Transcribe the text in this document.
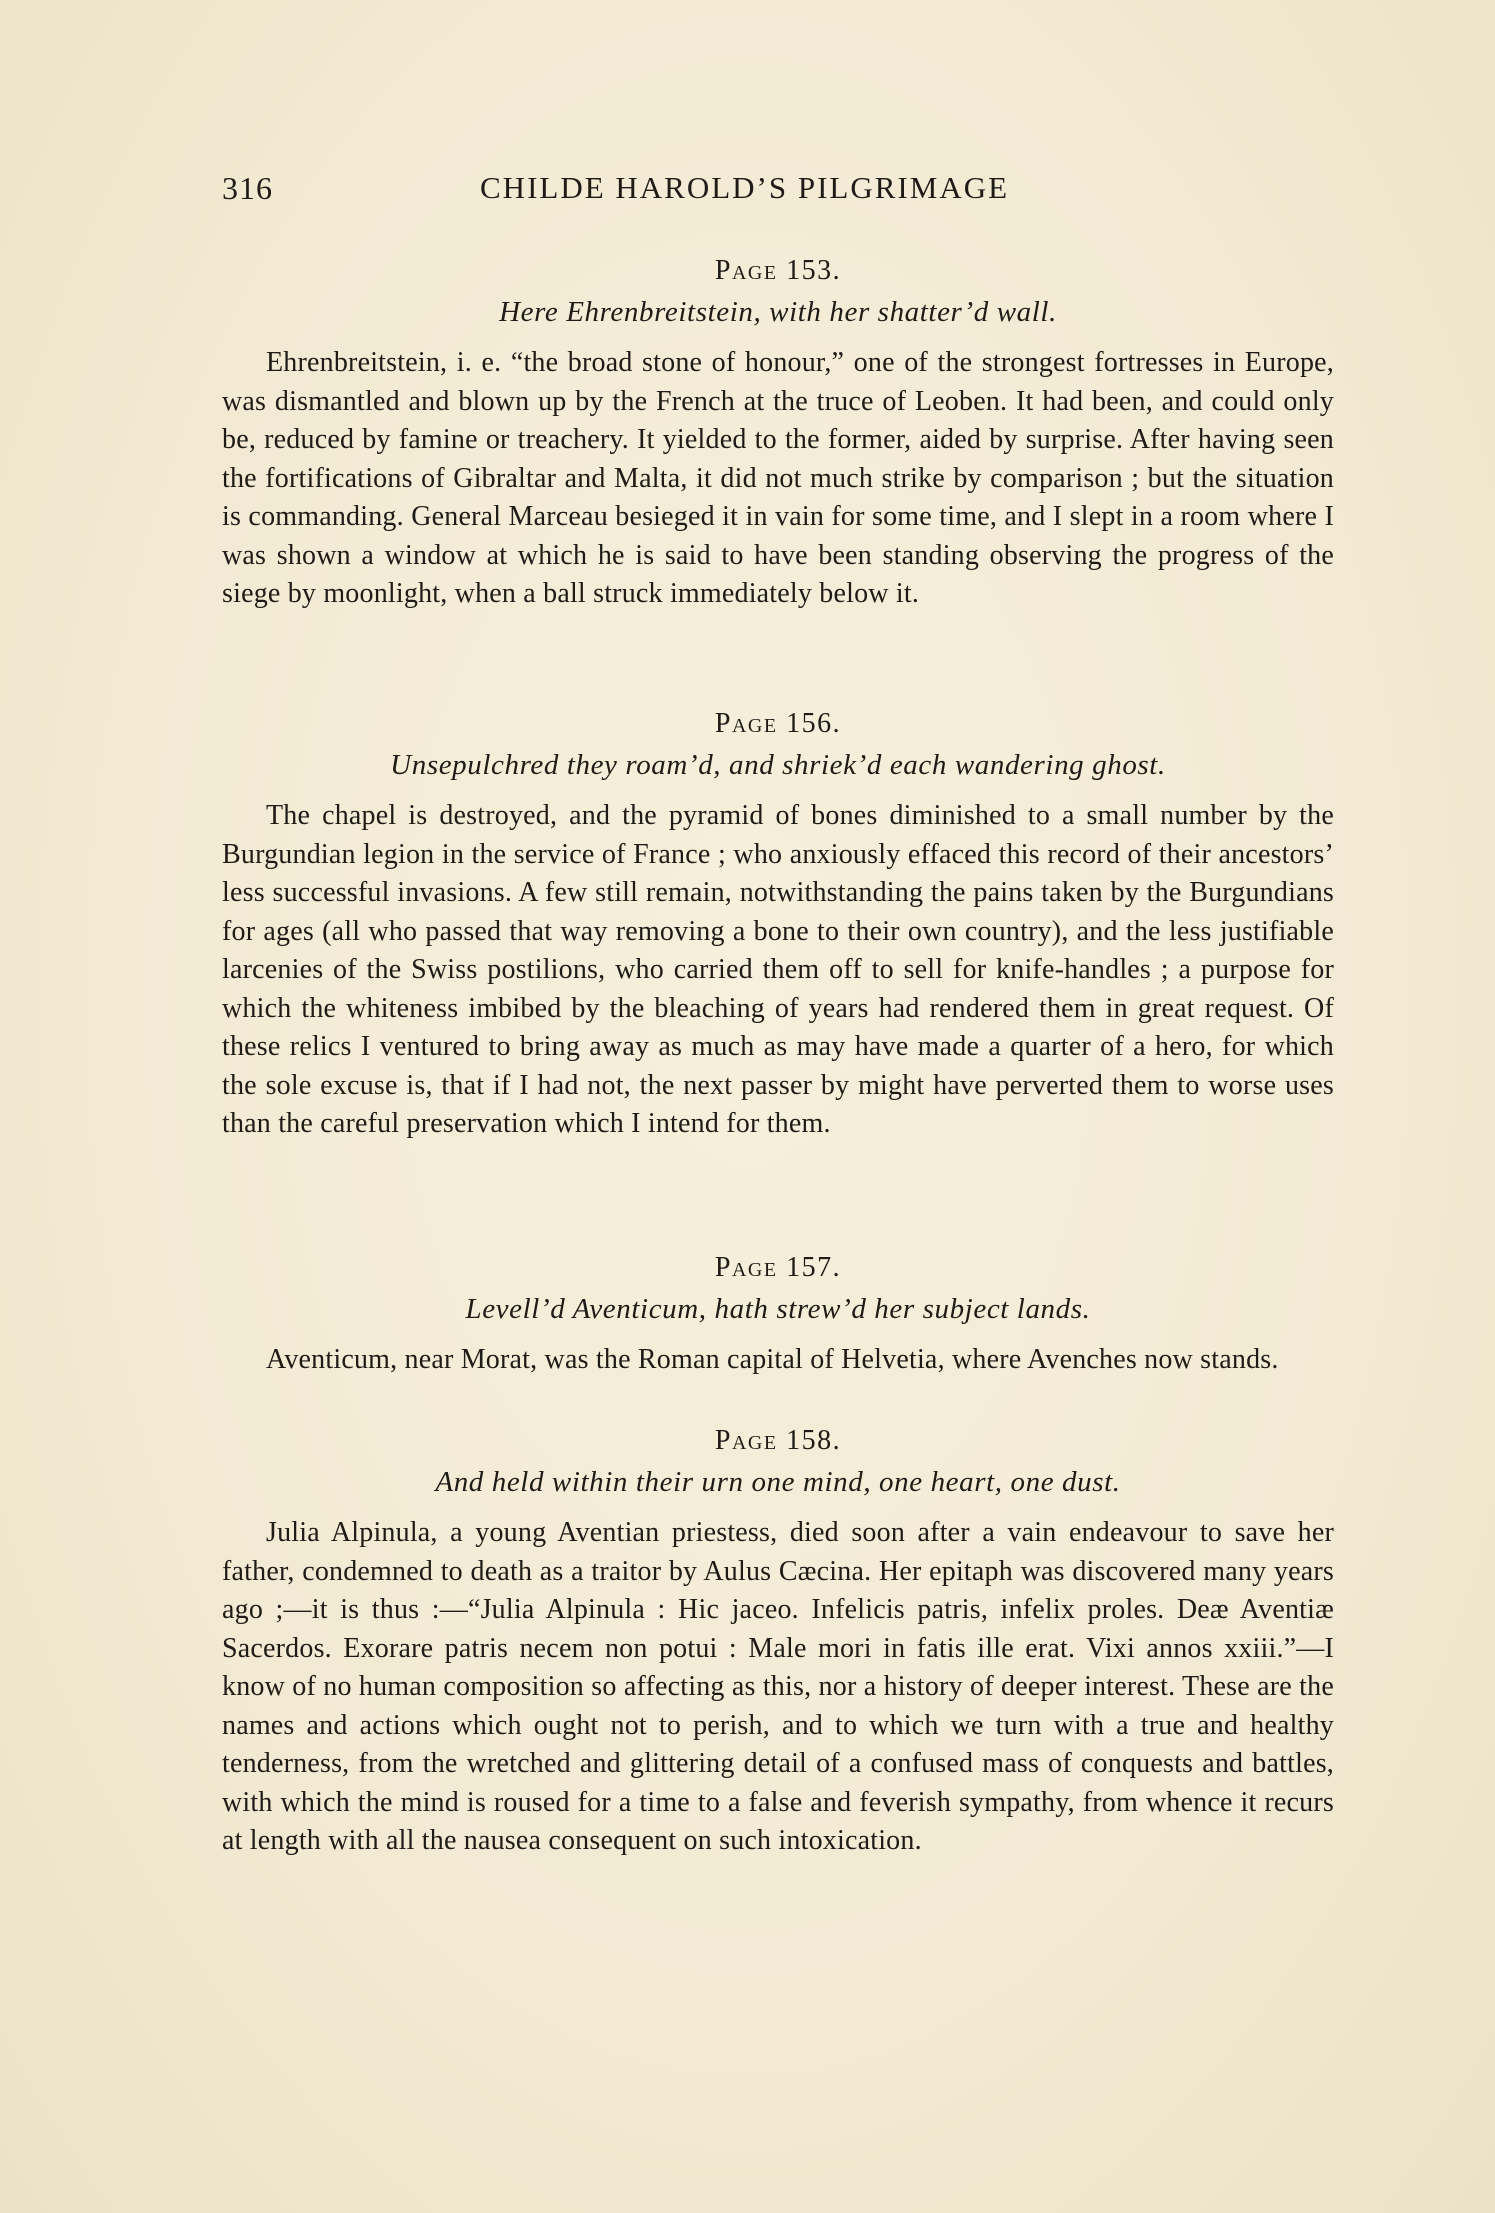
316	CHILDE HAROLD’S PILGRIMAGE

Page 153.

Here Ehrenbreitstein, with her shatter’d wall.

Ehrenbreitstein, i. e. “the broad stone of honour,” one of the strongest fortresses in Europe, was dismantled and blown up by the French at the truce of Leoben. It had been, and could only be, reduced by famine or treachery. It yielded to the former, aided by surprise. After having seen the fortifications of Gibraltar and Malta, it did not much strike by comparison ; but the situation is commanding. General Marceau besieged it in vain for some time, and I slept in a room where I was shown a window at which he is said to have been standing observing the progress of the siege by moonlight, when a ball struck immediately below it.

Page 156.

Unsepulchred they roam’d, and shriek’d each wandering ghost.

The chapel is destroyed, and the pyramid of bones diminished to a small number by the Burgundian legion in the service of France ; who anxiously effaced this record of their ancestors’ less successful invasions. A few still remain, notwithstanding the pains taken by the Burgundians for ages (all who passed that way removing a bone to their own country), and the less justifiable larcenies of the Swiss postilions, who carried them off to sell for knife-handles ; a purpose for which the whiteness imbibed by the bleaching of years had rendered them in great request. Of these relics I ventured to bring away as much as may have made a quarter of a hero, for which the sole excuse is, that if I had not, the next passer by might have perverted them to worse uses than the careful preservation which I intend for them.

Page 157.

Levell’d Aventicum, hath strew’d her subject lands.

Aventicum, near Morat, was the Roman capital of Helvetia, where Avenches now stands.

Page 158.

And held within their urn one mind, one heart, one dust.

Julia Alpinula, a young Aventian priestess, died soon after a vain endeavour to save her father, condemned to death as a traitor by Aulus Cæcina. Her epitaph was discovered many years ago ;—it is thus :—“Julia Alpinula : Hic jaceo. Infelicis patris, infelix proles. Deæ Aventiæ Sacerdos. Exorare patris necem non potui : Male mori in fatis ille erat. Vixi annos xxiii.”—I know of no human composition so affecting as this, nor a history of deeper interest. These are the names and actions which ought not to perish, and to which we turn with a true and healthy tenderness, from the wretched and glittering detail of a confused mass of conquests and battles, with which the mind is roused for a time to a false and feverish sympathy, from whence it recurs at length with all the nausea consequent on such intoxication.
